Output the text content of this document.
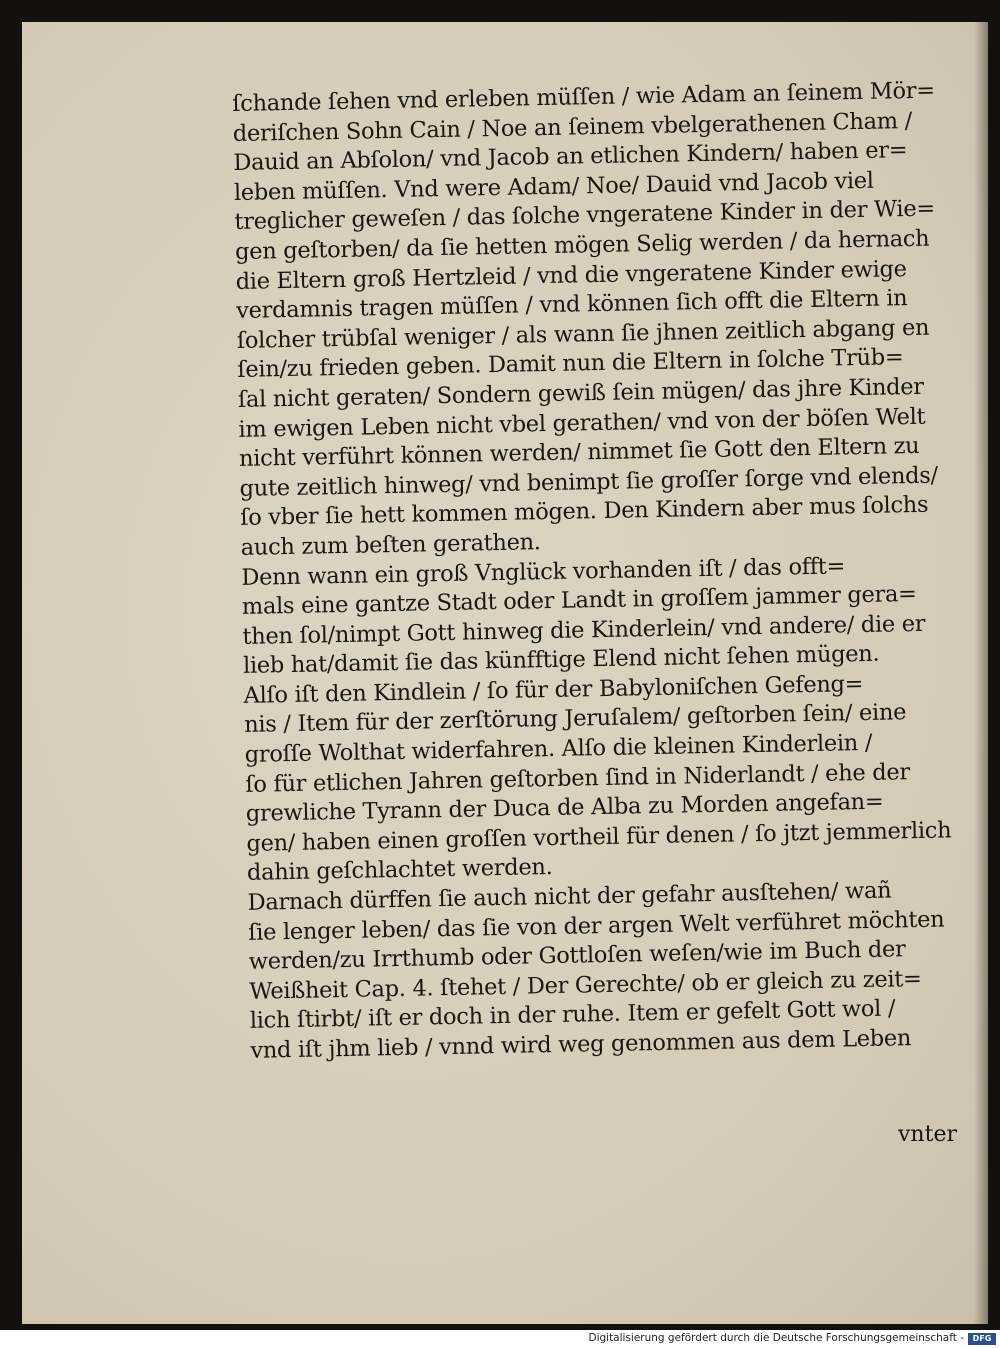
ſchande ſehen vnd erleben müſſen / wie Adam an ſeinem Mör=
deriſchen Sohn Cain / Noe an ſeinem vbelgerathenen Cham /
Dauid an Abſolon/ vnd Jacob an etlichen Kindern/ haben er=
leben müſſen. Vnd were Adam/ Noe/ Dauid vnd Jacob viel
treglicher geweſen / das ſolche vngeratene Kinder in der Wie=
gen geſtorben/ da ſie hetten mögen Selig werden / da hernach
die Eltern groß Hertzleid / vnd die vngeratene Kinder ewige
verdamnis tragen müſſen / vnd können ſich offt die Eltern in
ſolcher trübſal weniger / als wann ſie jhnen zeitlich abgang en
ſein/zu frieden geben. Damit nun die Eltern in ſolche Trüb=
ſal nicht geraten/ Sondern gewiß ſein mügen/ das jhre Kinder
im ewigen Leben nicht vbel gerathen/ vnd von der böſen Welt
nicht verführt können werden/ nimmet ſie Gott den Eltern zu
gute zeitlich hinweg/ vnd benimpt ſie groſſer ſorge vnd elends/
ſo vber ſie hett kommen mögen. Den Kindern aber mus ſolchs
auch zum beſten gerathen.
Denn wann ein groß Vnglück vorhanden iſt / das offt=
mals eine gantze Stadt oder Landt in groſſem jammer gera=
then ſol/nimpt Gott hinweg die Kinderlein/ vnd andere/ die er
lieb hat/damit ſie das künfftige Elend nicht ſehen mügen.
Alſo iſt den Kindlein / ſo für der Babyloniſchen Gefeng=
nis / Item für der zerſtörung Jeruſalem/ geſtorben ſein/ eine
groſſe Wolthat widerfahren. Alſo die kleinen Kinderlein /
ſo für etlichen Jahren geſtorben ſind in Niderlandt / ehe der
grewliche Tyrann der Duca de Alba zu Morden angefan=
gen/ haben einen groſſen vortheil für denen / ſo jtzt jemmerlich
dahin geſchlachtet werden.
Darnach dürffen ſie auch nicht der gefahr ausſtehen/ wañ
ſie lenger leben/ das ſie von der argen Welt verführet möchten
werden/zu Irrthumb oder Gottloſen weſen/wie im Buch der
Weißheit Cap. 4. ſtehet / Der Gerechte/ ob er gleich zu zeit=
lich ſtirbt/ iſt er doch in der ruhe. Item er gefelt Gott wol /
vnd iſt jhm lieb / vnnd wird weg genommen aus dem Leben
vnter
Digitalisierung gefördert durch die Deutsche Forschungsgemeinschaft -	DFG
